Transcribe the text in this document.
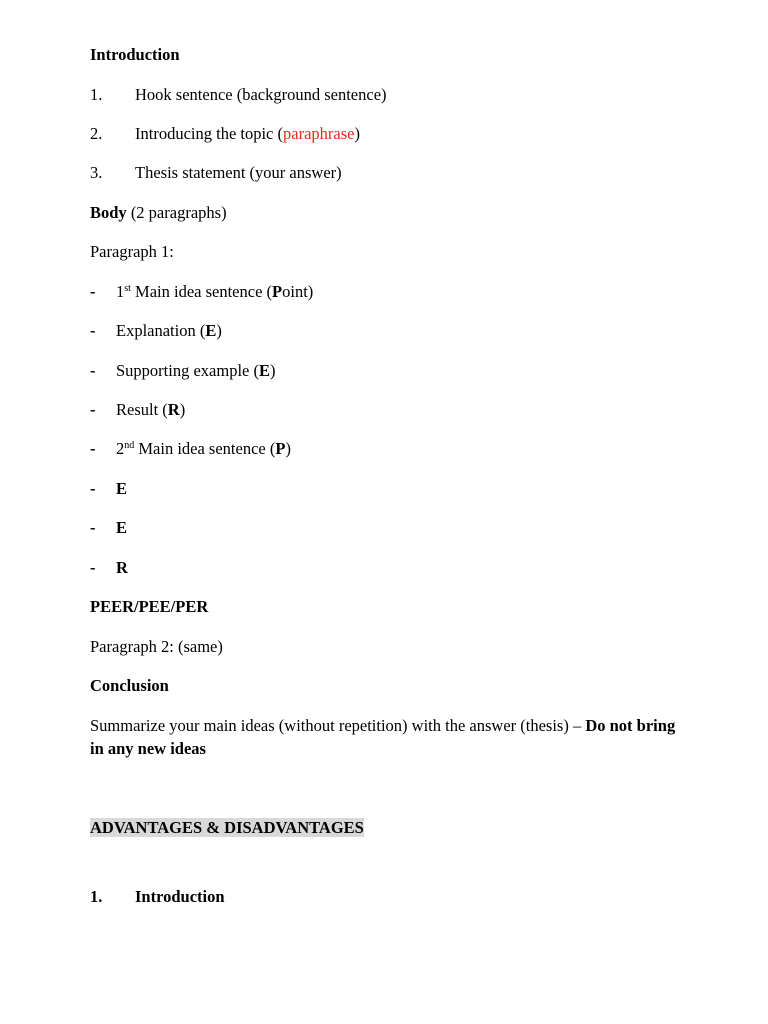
Introduction
1. Hook sentence (background sentence)
2. Introducing the topic (paraphrase)
3. Thesis statement (your answer)
Body (2 paragraphs)
Paragraph 1:
- 1st Main idea sentence (Point)
- Explanation (E)
- Supporting example (E)
- Result (R)
- 2nd Main idea sentence (P)
- E
- E
- R
PEER/PEE/PER
Paragraph 2: (same)
Conclusion
Summarize your main ideas (without repetition) with the answer (thesis) – Do not bring in any new ideas
ADVANTAGES & DISADVANTAGES
1. Introduction
